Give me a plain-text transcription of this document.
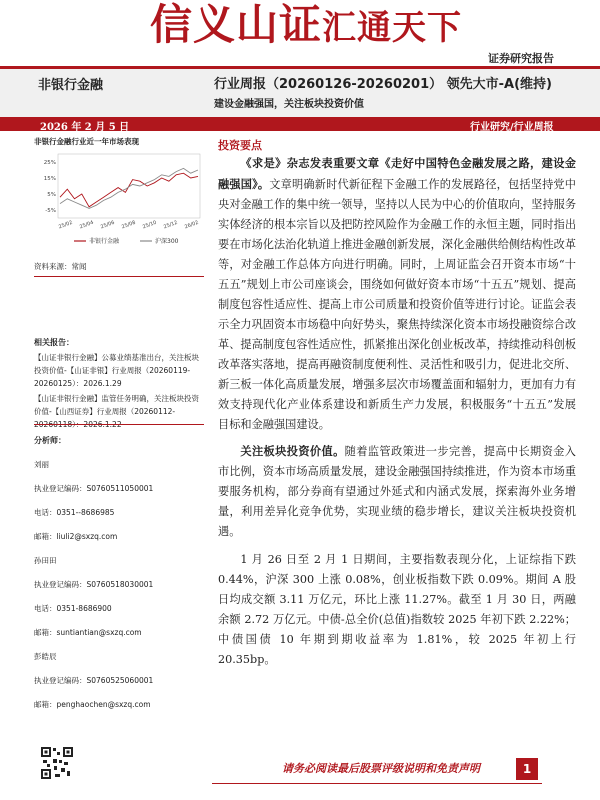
信义山证汇通天下
证券研究报告
非银行金融	行业周报（20260126-20260201） 领先大市-A(维持)
建设金融强国，关注板块投资价值
2026 年 2 月 5 日	行业研究/行业周报
非银行金融行业近一年市场表现
25%
15%
5%
-5%
25/02 25/04 25/06 25/08 25/10 25/12 26/02
非银行金融	沪深300
资料来源：常闻

相关报告：

【山证非银行金融】公募业绩基准出台，关注板块投资价值-【山证非银】行业周报（20260119-20260125）：2026.1.29

【山证非银行金融】监管任务明确，关注板块投资价值-【山西证券】行业周报（20260112-

分析师：

刘丽

执业登记编码：S0760511050001

电话：0351--8686985

邮箱：liuli2@sxzq.com

孙田田

执业登记编码：S0760518030001

电话：0351-8686900

邮箱：suntiantian@sxzq.com

彭皓辰

执业登记编码：S0760525060001

邮箱：penghaochen@sxzq.com

投资要点

《求是》杂志发表重要文章《走好中国特色金融发展之路，建设金融强国》。文章明确新时代新征程下金融工作的发展路径，包括坚持党中央对金融工作的集中统一领导，坚持以人民为中心的价值取向，坚持服务实体经济的根本宗旨以及把防控风险作为金融工作的永恒主题，同时指出要在市场化法治化轨道上推进金融创新发展，深化金融供给侧结构性改革等，对金融工作总体方向进行明确。同时，上周证监会召开资本市场“十五五”规划上市公司座谈会，围绕如何做好资本市场“十五五”规划、提高制度包容性适应性、提高上市公司质量和投资价值等进行讨论。证监会表示全力巩固资本市场稳中向好势头，聚焦持续深化资本市场投融资综合改革、提高制度包容性适应性，抓紧推出深化创业板改革，持续推动科创板改革落实落地，提高再融资制度便利性、灵活性和吸引力，促进北交所、新三板一体化高质量发展，增强多层次市场覆盖面和辐射力，更加有力有效支持现代化产业体系建设和新质生产力发展，积极服务“十五五”发展目标和金融强国建设。

关注板块投资价值。随着监管政策进一步完善，提高中长期资金入市比例，资本市场高质量发展，建设金融强国持续推进，作为资本市场重要服务机构，部分券商有望通过外延式和内涵式发展，探索海外业务增量，利用差异化竞争优势，实现业绩的稳步增长，建议关注板块投资机遇。

1 月 26 日至 2 月 1 日期间，主要指数表现分化，上证综指下跌 0.44%，沪深 300 上涨 0.08%，创业板指数下跌 0.09%。期间 A 股日均成交额 3.11 万亿元，环比上涨 11.27%。截至 1 月 30 日，两融余额 2.72 万亿元。中债-总全价(总值)指数较 2025 年初下跌 2.22%；中债国债 10 年期到期收益率为 1.81%，较 2025 年初上行 20.35bp。

请务必阅读最后股票评级说明和免责声明	1
